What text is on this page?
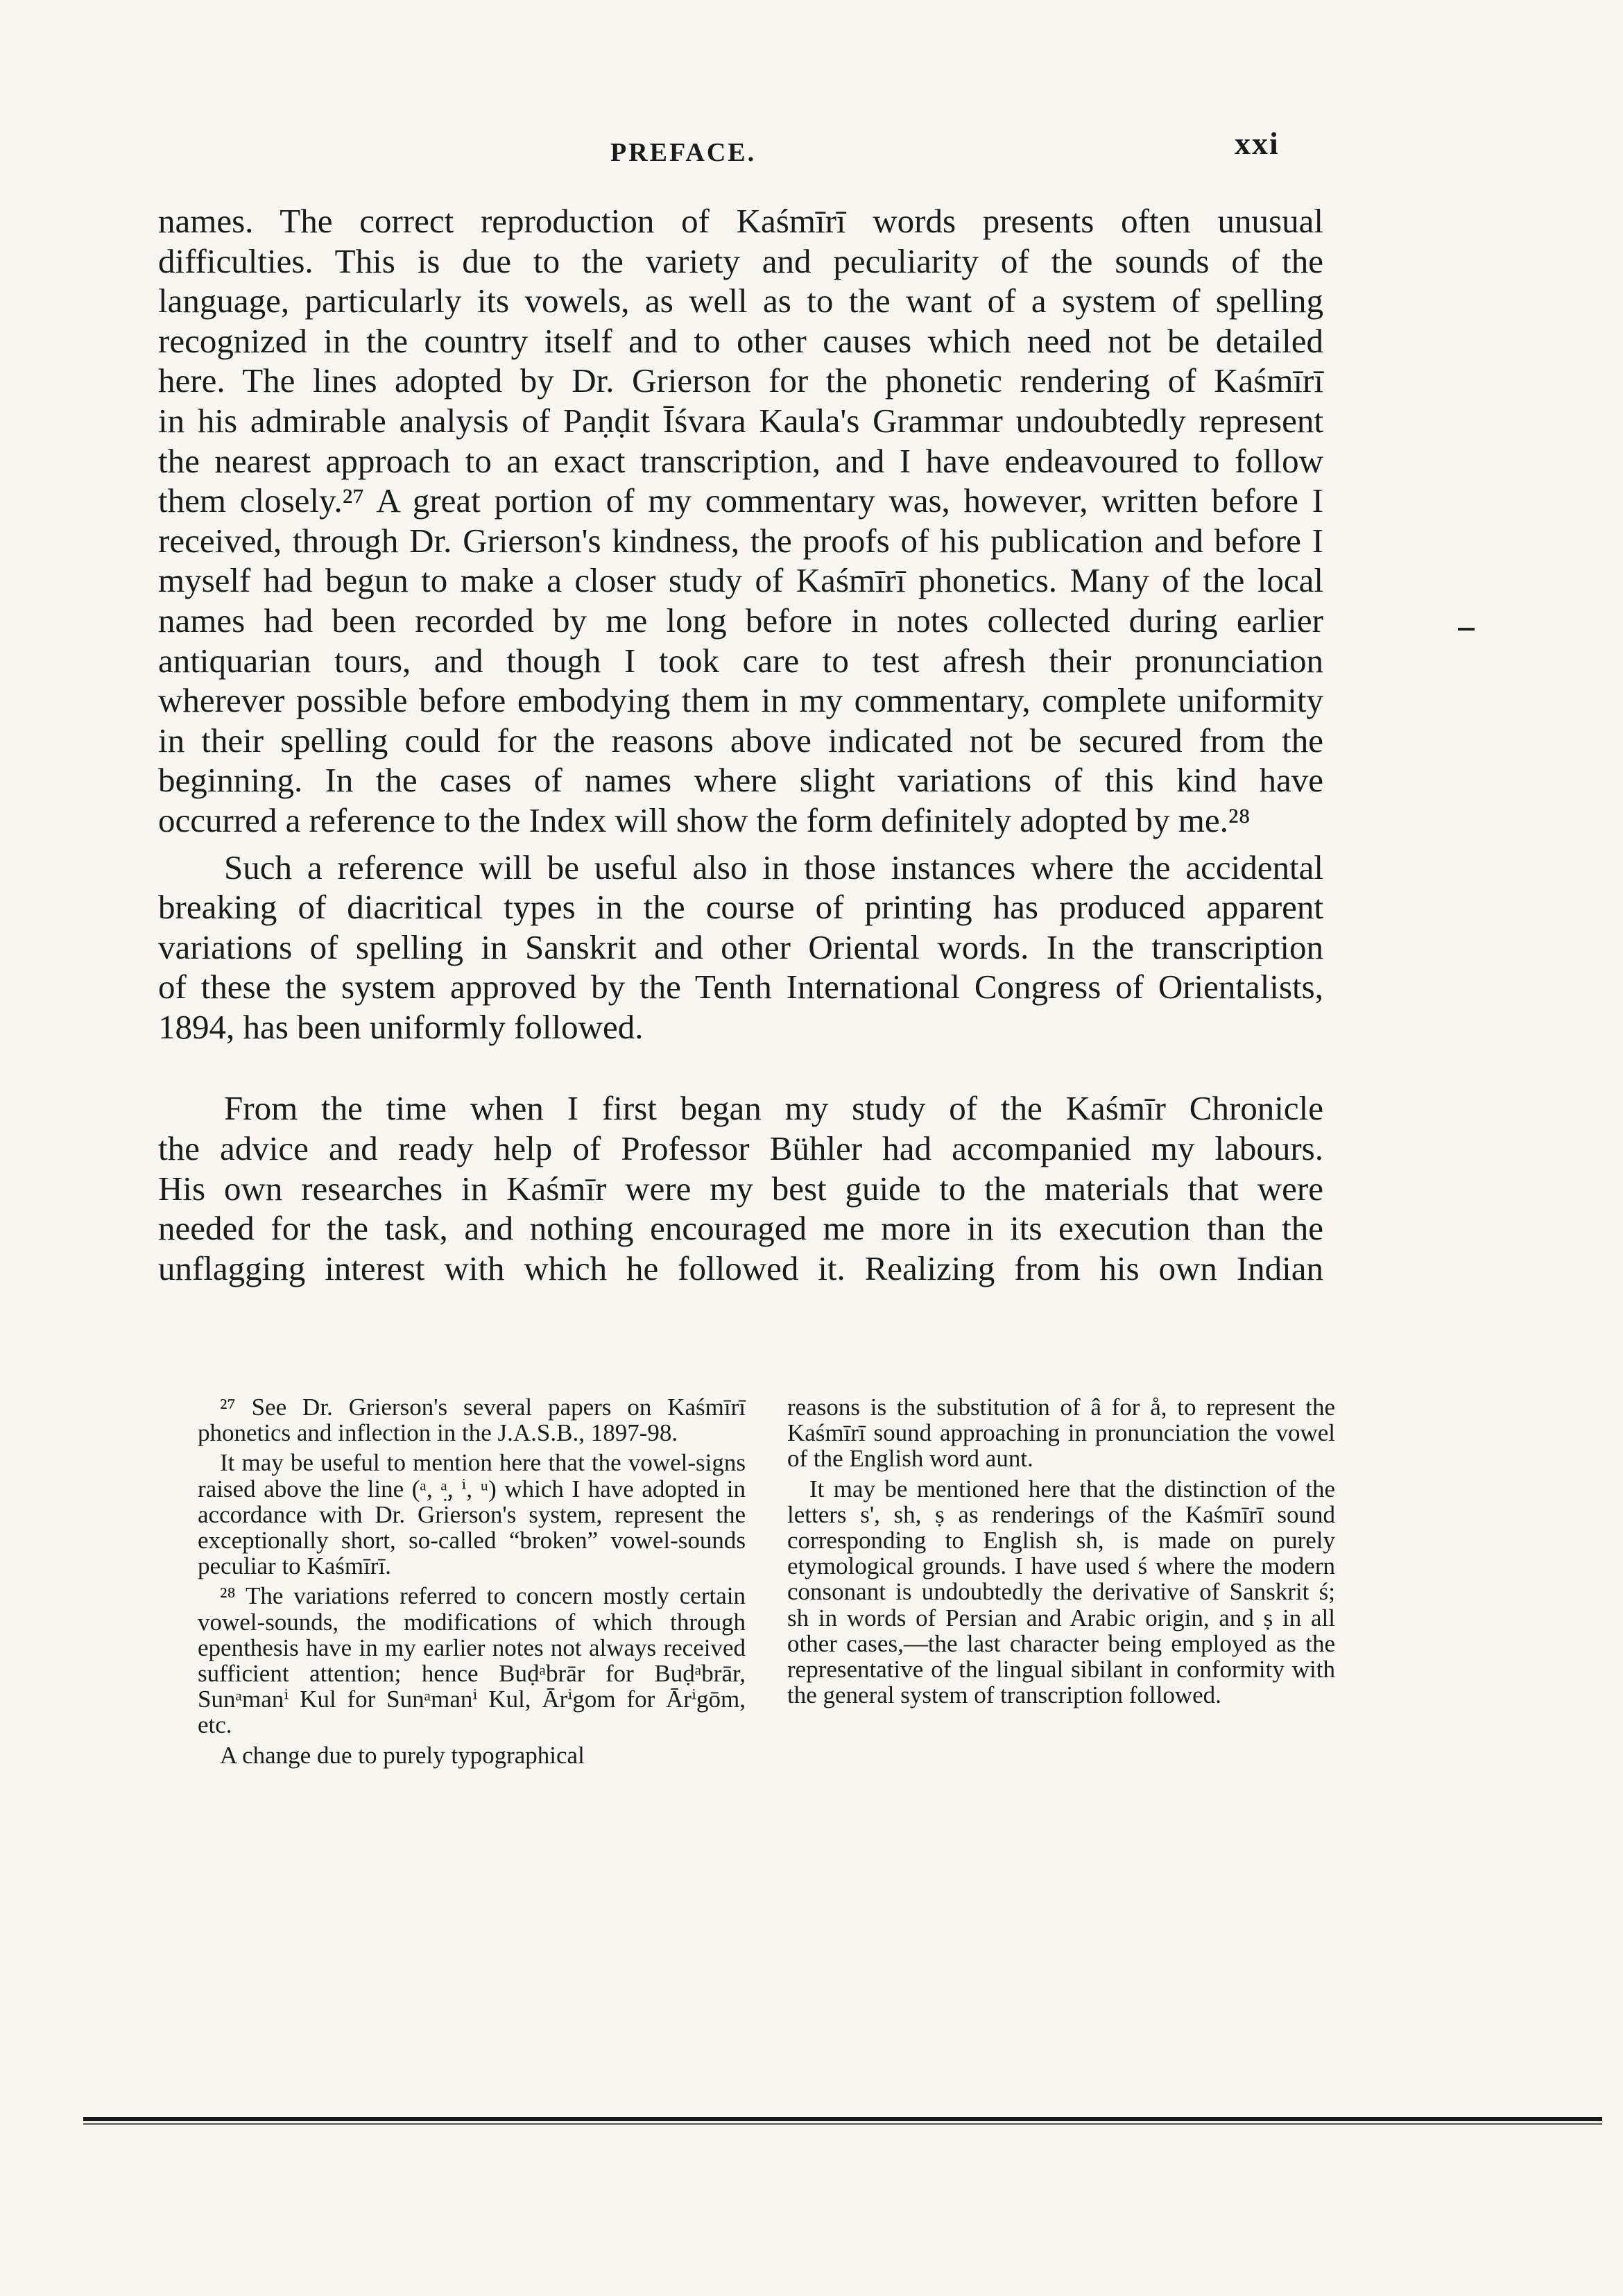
PREFACE.	xxi

names. The correct reproduction of Kaśmīrī words presents often unusual
difficulties. This is due to the variety and peculiarity of the sounds of the
language, particularly its vowels, as well as to the want of a system of spelling
recognized in the country itself and to other causes which need not be detailed
here. The lines adopted by Dr. Grierson for the phonetic rendering of Kaśmīrī
in his admirable analysis of Paṇḍit Īśvara Kaula's Grammar undoubtedly represent
the nearest approach to an exact transcription, and I have endeavoured to follow
them closely.²⁷ A great portion of my commentary was, however, written before I
received, through Dr. Grierson's kindness, the proofs of his publication and before I
myself had begun to make a closer study of Kaśmīrī phonetics. Many of the local
names had been recorded by me long before in notes collected during earlier
antiquarian tours, and though I took care to test afresh their pronunciation
wherever possible before embodying them in my commentary, complete uniformity
in their spelling could for the reasons above indicated not be secured from the
beginning. In the cases of names where slight variations of this kind have
occurred a reference to the Index will show the form definitely adopted by me.²⁸

Such a reference will be useful also in those instances where the accidental
breaking of diacritical types in the course of printing has produced apparent
variations of spelling in Sanskrit and other Oriental words. In the transcription
of these the system approved by the Tenth International Congress of Orientalists,
1894, has been uniformly followed.

From the time when I first began my study of the Kaśmīr Chronicle
the advice and ready help of Professor Bühler had accompanied my labours.
His own researches in Kaśmīr were my best guide to the materials that were
needed for the task, and nothing encouraged me more in its execution than the
unflagging interest with which he followed it. Realizing from his own Indian

²⁷ See Dr. Grierson's several papers on Kaśmīrī phonetics and inflection in the J.A.S.B., 1897-98.

It may be useful to mention here that the vowel-signs raised above the line (ᵃ, ᵃ̤, ⁱ, ᵘ) which I have adopted in accordance with Dr. Grierson's system, represent the exceptionally short, so-called “broken” vowel-sounds peculiar to Kaśmīrī.

²⁸ The variations referred to concern mostly certain vowel-sounds, the modifications of which through epenthesis have in my earlier notes not always received sufficient attention; hence Buḍᵃbrār for Buḍᵃbrār, Sunᵃmanⁱ Kul for Sunᵃmanⁱ Kul, Ārⁱgom for Ārⁱgōm, etc.

A change due to purely typographical

reasons is the substitution of â for å, to represent the Kaśmīrī sound approaching in pronunciation the vowel of the English word aunt.

It may be mentioned here that the distinction of the letters s', sh, ṣ as renderings of the Kaśmīrī sound corresponding to English sh, is made on purely etymological grounds. I have used ś where the modern consonant is undoubtedly the derivative of Sanskrit ś; sh in words of Persian and Arabic origin, and ṣ in all other cases,—the last character being employed as the representative of the lingual sibilant in conformity with the general system of transcription followed.
